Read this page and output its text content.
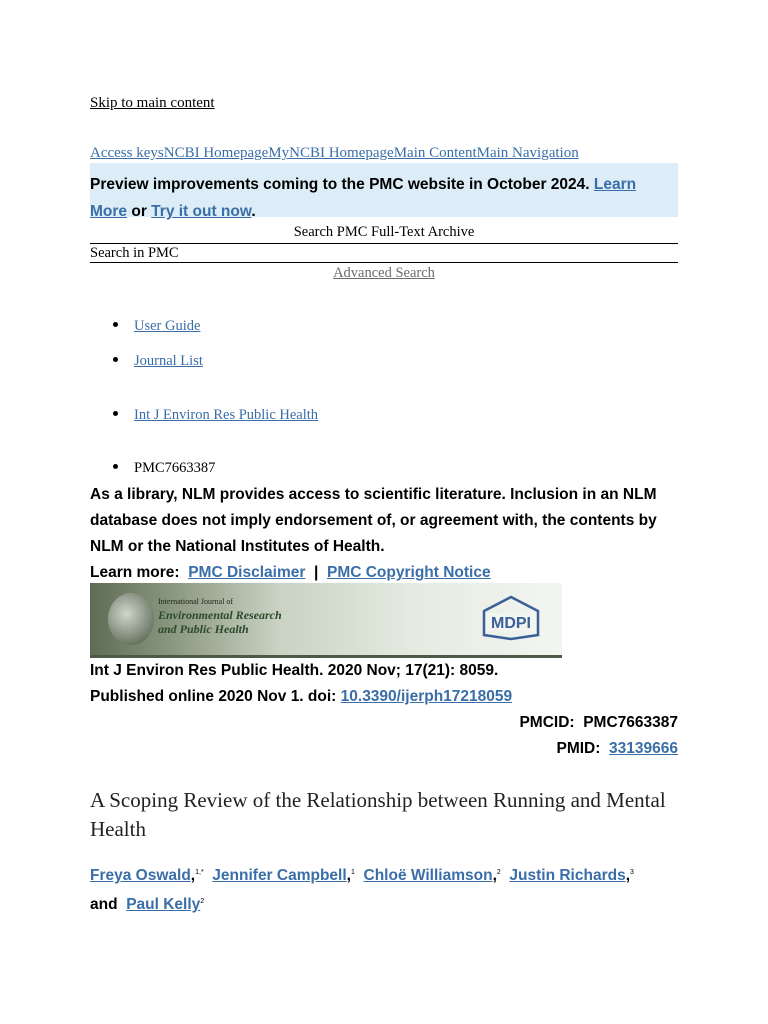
Skip to main content
Access keysNCBI HomepageMyNCBI HomepageMain ContentMain Navigation
Preview improvements coming to the PMC website in October 2024. Learn More or Try it out now.
Search PMC Full-Text Archive
Search in PMC
Advanced Search
User Guide
Journal List
Int J Environ Res Public Health
PMC7663387
As a library, NLM provides access to scientific literature. Inclusion in an NLM database does not imply endorsement of, or agreement with, the contents by NLM or the National Institutes of Health.
Learn more: PMC Disclaimer | PMC Copyright Notice
International Journal of
Environmental Research
and Public Health	MDPI
Int J Environ Res Public Health. 2020 Nov; 17(21): 8059.
Published online 2020 Nov 1. doi: 10.3390/ijerph17218059
PMCID: PMC7663387
PMID: 33139666
A Scoping Review of the Relationship between Running and Mental Health
Freya Oswald,$^{1,*}$ Jennifer Campbell,$^1$ Chloë Williamson,$^2$ Justin Richards,$^3$  and Paul Kelly$^2$
